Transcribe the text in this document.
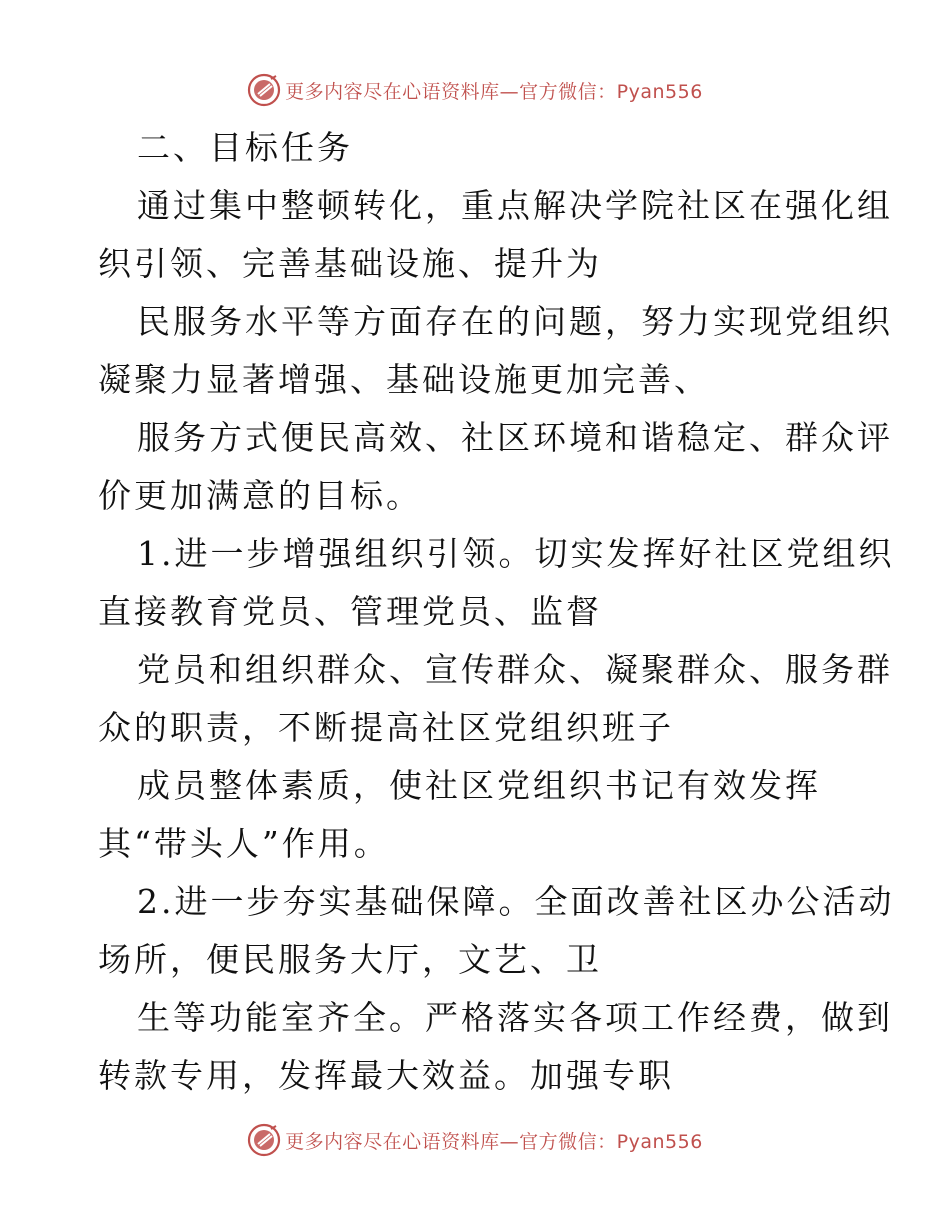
更多内容尽在心语资料库—官方微信：Pyan556
二、目标任务
通过集中整顿转化，重点解决学院社区在强化组
织引领、完善基础设施、提升为
民服务水平等方面存在的问题，努力实现党组织
凝聚力显著增强、基础设施更加完善、
服务方式便民高效、社区环境和谐稳定、群众评
价更加满意的目标。
1.进一步增强组织引领。切实发挥好社区党组织
直接教育党员、管理党员、监督
党员和组织群众、宣传群众、凝聚群众、服务群
众的职责，不断提高社区党组织班子
成员整体素质，使社区党组织书记有效发挥
其“带头人”作用。
2.进一步夯实基础保障。全面改善社区办公活动
场所，便民服务大厅，文艺、卫
生等功能室齐全。严格落实各项工作经费，做到
转款专用，发挥最大效益。加强专职
更多内容尽在心语资料库—官方微信：Pyan556
